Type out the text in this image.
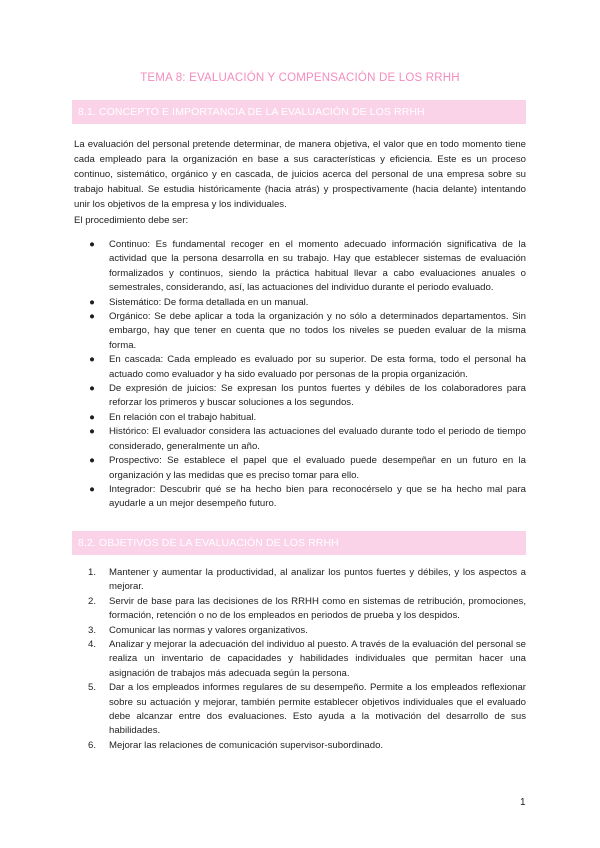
TEMA 8: EVALUACIÓN Y COMPENSACIÓN DE LOS RRHH
8.1. CONCEPTO E IMPORTANCIA DE LA EVALUACIÓN DE LOS RRHH
La evaluación del personal pretende determinar, de manera objetiva, el valor que en todo momento tiene cada empleado para la organización en base a sus características y eficiencia. Este es un proceso continuo, sistemático, orgánico y en cascada, de juicios acerca del personal de una empresa sobre su trabajo habitual. Se estudia históricamente (hacia atrás) y prospectivamente (hacia delante) intentando unir los objetivos de la empresa y los individuales.
El procedimiento debe ser:
● Continuo: Es fundamental recoger en el momento adecuado información significativa de la actividad que la persona desarrolla en su trabajo. Hay que establecer sistemas de evaluación formalizados y continuos, siendo la práctica habitual llevar a cabo evaluaciones anuales o semestrales, considerando, así, las actuaciones del individuo durante el periodo evaluado.
● Sistemático: De forma detallada en un manual.
● Orgánico: Se debe aplicar a toda la organización y no sólo a determinados departamentos. Sin embargo, hay que tener en cuenta que no todos los niveles se pueden evaluar de la misma forma.
● En cascada: Cada empleado es evaluado por su superior. De esta forma, todo el personal ha actuado como evaluador y ha sido evaluado por personas de la propia organización.
● De expresión de juicios: Se expresan los puntos fuertes y débiles de los colaboradores para reforzar los primeros y buscar soluciones a los segundos.
● En relación con el trabajo habitual.
● Histórico: El evaluador considera las actuaciones del evaluado durante todo el periodo de tiempo considerado, generalmente un año.
● Prospectivo: Se establece el papel que el evaluado puede desempeñar en un futuro en la organización y las medidas que es preciso tomar para ello.
● Integrador: Descubrir qué se ha hecho bien para reconocérselo y que se ha hecho mal para ayudarle a un mejor desempeño futuro.
8.2. OBJETIVOS DE LA EVALUACIÓN DE LOS RRHH
1.	Mantener y aumentar la productividad, al analizar los puntos fuertes y débiles, y los aspectos a mejorar.
2.	Servir de base para las decisiones de los RRHH como en sistemas de retribución, promociones, formación, retención o no de los empleados en periodos de prueba y los despidos.
3.	Comunicar las normas y valores organizativos.
4.	Analizar y mejorar la adecuación del individuo al puesto. A través de la evaluación del personal se realiza un inventario de capacidades y habilidades individuales que permitan hacer una asignación de trabajos más adecuada según la persona.
5.	Dar a los empleados informes regulares de su desempeño. Permite a los empleados reflexionar sobre su actuación y mejorar, también permite establecer objetivos individuales que el evaluado debe alcanzar entre dos evaluaciones. Esto ayuda a la motivación del desarrollo de sus habilidades.
6.	Mejorar las relaciones de comunicación supervisor-subordinado.
1
